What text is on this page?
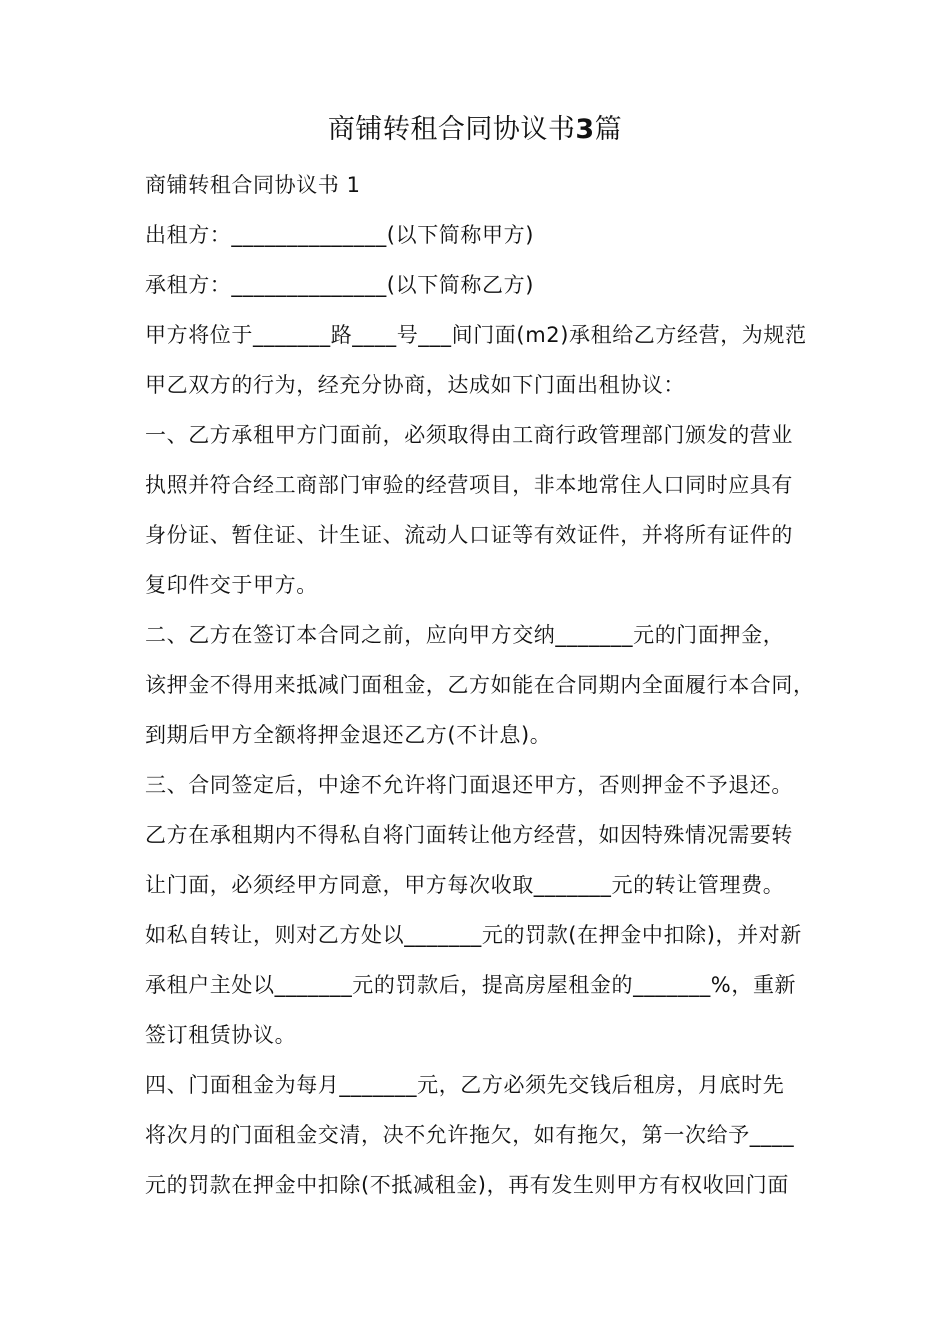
商铺转租合同协议书3篇
商铺转租合同协议书 1
出租方：______________(以下简称甲方)
承租方：______________(以下简称乙方)
甲方将位于_______路____号___间门面(m2)承租给乙方经营，为规范
甲乙双方的行为，经充分协商，达成如下门面出租协议：
一、乙方承租甲方门面前，必须取得由工商行政管理部门颁发的营业
执照并符合经工商部门审验的经营项目，非本地常住人口同时应具有
身份证、暂住证、计生证、流动人口证等有效证件，并将所有证件的
复印件交于甲方。
二、乙方在签订本合同之前，应向甲方交纳_______元的门面押金，
该押金不得用来抵减门面租金，乙方如能在合同期内全面履行本合同，
到期后甲方全额将押金退还乙方(不计息)。
三、合同签定后，中途不允许将门面退还甲方，否则押金不予退还。
乙方在承租期内不得私自将门面转让他方经营，如因特殊情况需要转
让门面，必须经甲方同意，甲方每次收取_______元的转让管理费。
如私自转让，则对乙方处以_______元的罚款(在押金中扣除)，并对新
承租户主处以_______元的罚款后，提高房屋租金的_______%，重新
签订租赁协议。
四、门面租金为每月_______元，乙方必须先交钱后租房，月底时先
将次月的门面租金交清，决不允许拖欠，如有拖欠，第一次给予____
元的罚款在押金中扣除(不抵减租金)，再有发生则甲方有权收回门面
